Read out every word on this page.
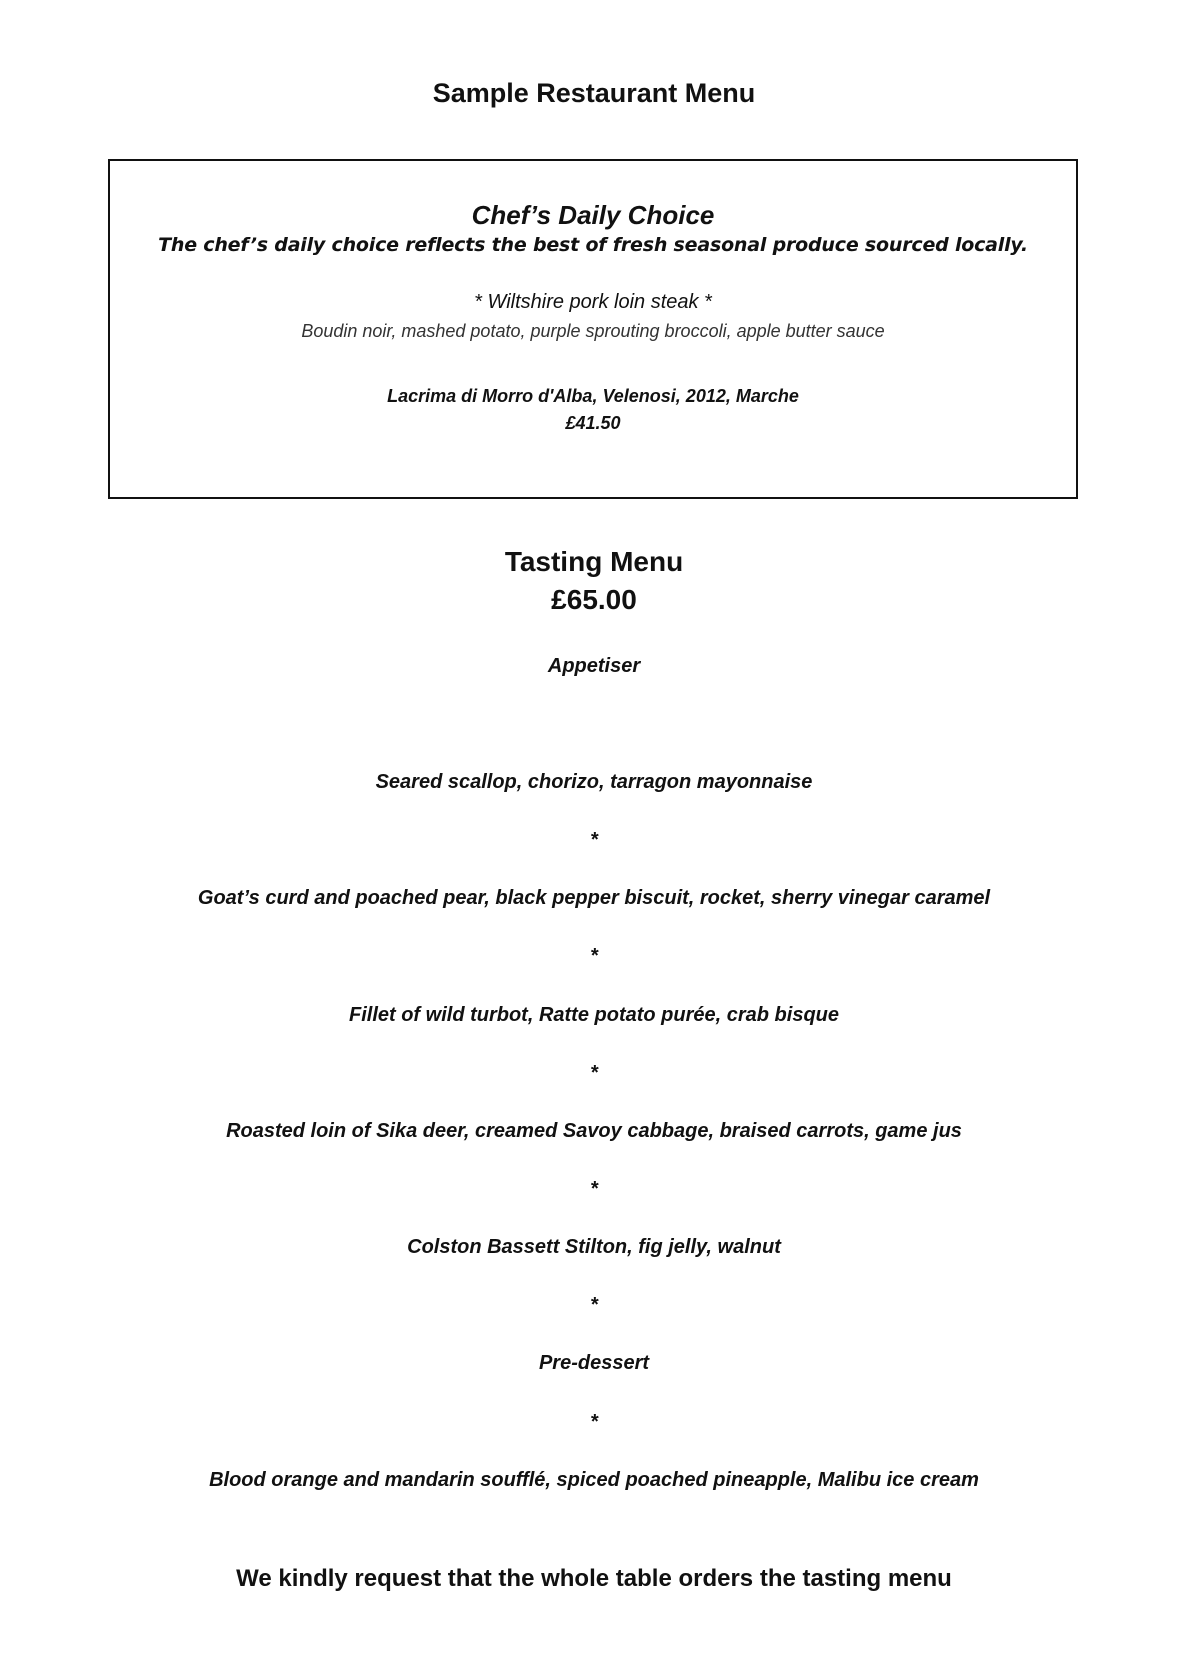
Sample Restaurant Menu
Chef’s Daily Choice
The chef’s daily choice reflects the best of fresh seasonal produce sourced locally.
* Wiltshire pork loin steak *
Boudin noir, mashed potato, purple sprouting broccoli, apple butter sauce
Lacrima di Morro d'Alba, Velenosi, 2012, Marche
£41.50
Tasting Menu
£65.00
Appetiser
Seared scallop, chorizo, tarragon mayonnaise
*
Goat’s curd and poached pear, black pepper biscuit, rocket, sherry vinegar caramel
*
Fillet of wild turbot, Ratte potato purée, crab bisque
*
Roasted loin of Sika deer, creamed Savoy cabbage, braised carrots, game jus
*
Colston Bassett Stilton, fig jelly, walnut
*
Pre-dessert
*
Blood orange and mandarin soufflé, spiced poached pineapple, Malibu ice cream
We kindly request that the whole table orders the tasting menu
